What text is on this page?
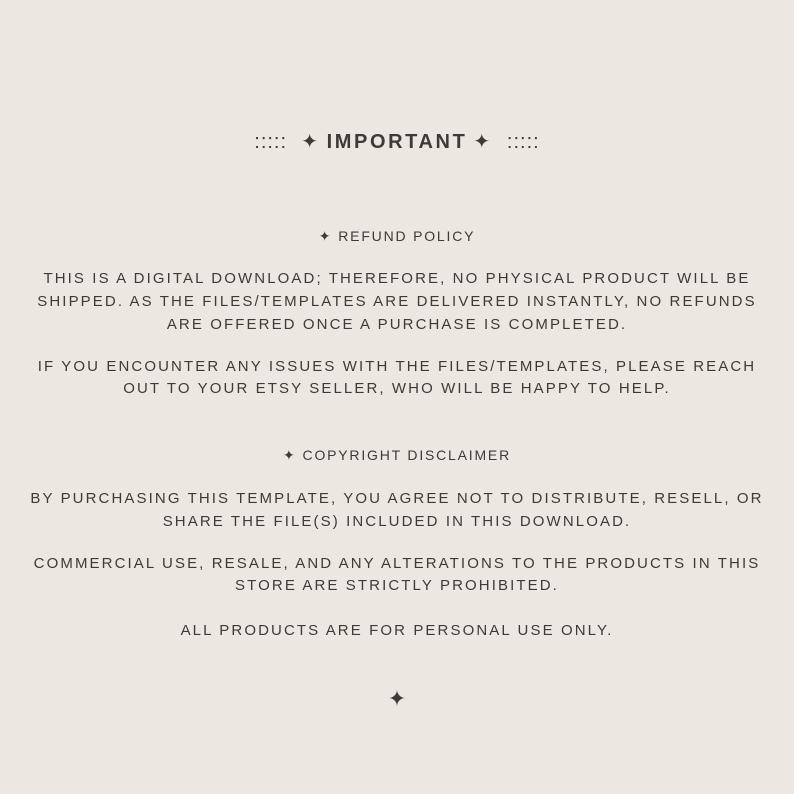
::::: ✦ IMPORTANT ✦ :::::
✦ REFUND POLICY
THIS IS A DIGITAL DOWNLOAD; THEREFORE, NO PHYSICAL PRODUCT WILL BE
SHIPPED. AS THE FILES/TEMPLATES ARE DELIVERED INSTANTLY, NO REFUNDS
ARE OFFERED ONCE A PURCHASE IS COMPLETED.
IF YOU ENCOUNTER ANY ISSUES WITH THE FILES/TEMPLATES, PLEASE REACH
OUT TO YOUR ETSY SELLER, WHO WILL BE HAPPY TO HELP.
✦ COPYRIGHT DISCLAIMER
BY PURCHASING THIS TEMPLATE, YOU AGREE NOT TO DISTRIBUTE, RESELL, OR
SHARE THE FILE(S) INCLUDED IN THIS DOWNLOAD.
COMMERCIAL USE, RESALE, AND ANY ALTERATIONS TO THE PRODUCTS IN THIS
STORE ARE STRICTLY PROHIBITED.
ALL PRODUCTS ARE FOR PERSONAL USE ONLY.
✦
